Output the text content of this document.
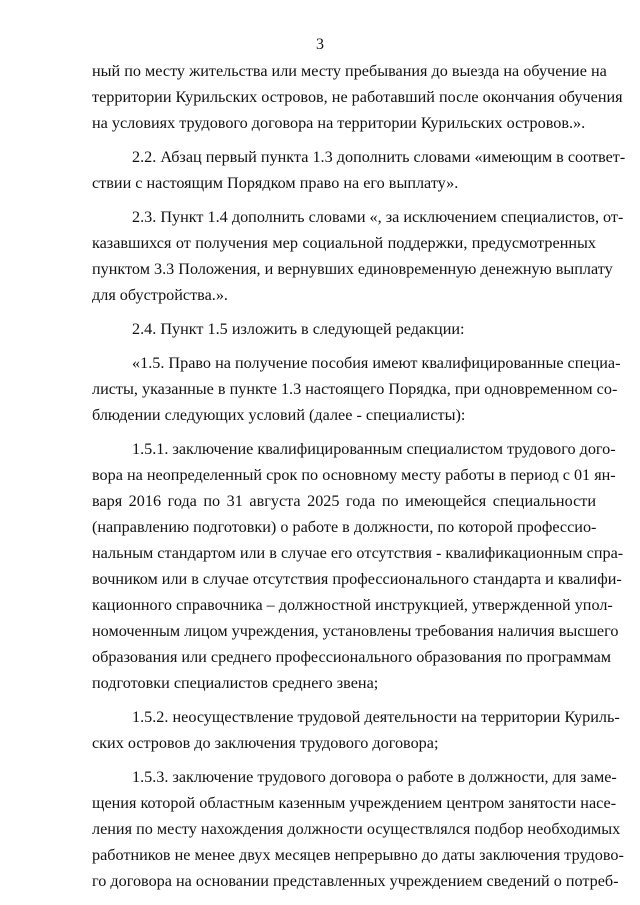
3
ный по месту жительства или месту пребывания до выезда на обучение на
территории Курильских островов, не работавший после окончания обучения
на условиях трудового договора на территории Курильских островов.».
2.2. Абзац первый пункта 1.3 дополнить словами «имеющим в соответ-
ствии с настоящим Порядком право на его выплату».
2.3. Пункт 1.4 дополнить словами «, за исключением специалистов, от-
казавшихся от получения мер социальной поддержки, предусмотренных
пунктом 3.3 Положения, и вернувших единовременную денежную выплату
для обустройства.».
2.4. Пункт 1.5 изложить в следующей редакции:
«1.5. Право на получение пособия имеют квалифицированные специа-
листы, указанные в пункте 1.3 настоящего Порядка, при одновременном со-
блюдении следующих условий (далее - специалисты):
1.5.1. заключение квалифицированным специалистом трудового дого-
вора на неопределенный срок по основному месту работы в период с 01 ян-
варя 2016 года по 31 августа 2025 года по имеющейся специальности
(направлению подготовки) о работе в должности, по которой профессио-
нальным стандартом или в случае его отсутствия - квалификационным спра-
вочником или в случае отсутствия профессионального стандарта и квалифи-
кационного справочника – должностной инструкцией, утвержденной упол-
номоченным лицом учреждения, установлены требования наличия высшего
образования или среднего профессионального образования по программам
подготовки специалистов среднего звена;
1.5.2. неосуществление трудовой деятельности на территории Куриль-
ских островов до заключения трудового договора;
1.5.3. заключение трудового договора о работе в должности, для заме-
щения которой областным казенным учреждением центром занятости насе-
ления по месту нахождения должности осуществлялся подбор необходимых
работников не менее двух месяцев непрерывно до даты заключения трудово-
го договора на основании представленных учреждением сведений о потреб-
